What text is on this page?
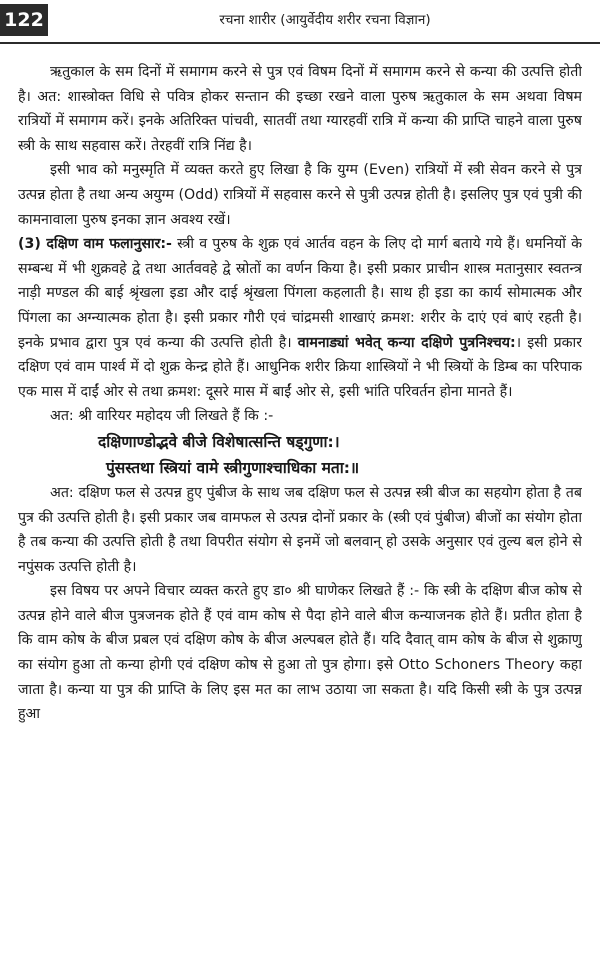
122	रचना शारीर (आयुर्वेदीय शरीर रचना विज्ञान)

ऋतुकाल के सम दिनों में समागम करने से पुत्र एवं विषम दिनों में समागम करने से कन्या की उत्पत्ति होती है। अत: शास्त्रोक्त विधि से पवित्र होकर सन्तान की इच्छा रखने वाला पुरुष ऋतुकाल के सम अथवा विषम रात्रियों में समागम करें। इनके अतिरिक्त पांचवी, सातवीं तथा ग्यारहवीं रात्रि में कन्या की प्राप्ति चाहने वाला पुरुष स्त्री के साथ सहवास करें। तेरहवीं रात्रि निंद्य है।

इसी भाव को मनुस्मृति में व्यक्त करते हुए लिखा है कि युग्म (Even) रात्रियों में स्त्री सेवन करने से पुत्र उत्पन्न होता है तथा अन्य अयुग्म (Odd) रात्रियों में सहवास करने से पुत्री उत्पन्न होती है। इसलिए पुत्र एवं पुत्री की कामनावाला पुरुष इनका ज्ञान अवश्य रखें।

(3) दक्षिण वाम फलानुसार:- स्त्री व पुरुष के शुक्र एवं आर्तव वहन के लिए दो मार्ग बताये गये हैं। धमनियों के सम्बन्ध में भी शुक्रवहे द्वे तथा आर्तववहे द्वे स्रोतों का वर्णन किया है। इसी प्रकार प्राचीन शास्त्र मतानुसार स्वतन्त्र नाड़ी मण्डल की बाई श्रृंखला इडा और दाई श्रृंखला पिंगला कहलाती है। साथ ही इडा का कार्य सोमात्मक और पिंगला का अग्न्यात्मक होता है। इसी प्रकार गौरी एवं चांद्रमसी शाखाएं क्रमश: शरीर के दाएं एवं बाएं रहती है। इनके प्रभाव द्वारा पुत्र एवं कन्या की उत्पत्ति होती है। वामनाड्यां भवेत् कन्या दक्षिणे पुत्रनिश्चय:। इसी प्रकार दक्षिण एवं वाम पार्श्व में दो शुक्र केन्द्र होते हैं। आधुनिक शरीर क्रिया शास्त्रियों ने भी स्त्रियों के डिम्ब का परिपाक एक मास में दाईं ओर से तथा क्रमश: दूसरे मास में बाईं ओर से, इसी भांति परिवर्तन होना मानते हैं।

अत: श्री वारियर महोदय जी लिखते हैं कि :-

दक्षिणाण्डोद्भवे बीजे विशेषात्सन्ति षड्गुणा:।

पुंसस्तथा स्त्रियां वामे स्त्रीगुणाश्चाधिका मता:॥

अत: दक्षिण फल से उत्पन्न हुए पुंबीज के साथ जब दक्षिण फल से उत्पन्न स्त्री बीज का सहयोग होता है तब पुत्र की उत्पत्ति होती है। इसी प्रकार जब वामफल से उत्पन्न दोनों प्रकार के (स्त्री एवं पुंबीज) बीजों का संयोग होता है तब कन्या की उत्पत्ति होती है तथा विपरीत संयोग से इनमें जो बलवान् हो उसके अनुसार एवं तुल्य बल होने से नपुंसक उत्पत्ति होती है।

इस विषय पर अपने विचार व्यक्त करते हुए डा० श्री घाणेकर लिखते हैं :- कि स्त्री के दक्षिण बीज कोष से उत्पन्न होने वाले बीज पुत्रजनक होते हैं एवं वाम कोष से पैदा होने वाले बीज कन्याजनक होते हैं। प्रतीत होता है कि वाम कोष के बीज प्रबल एवं दक्षिण कोष के बीज अल्पबल होते हैं। यदि दैवात् वाम कोष के बीज से शुक्राणु का संयोग हुआ तो कन्या होगी एवं दक्षिण कोष से हुआ तो पुत्र होगा। इसे Otto Schoners Theory कहा जाता है। कन्या या पुत्र की प्राप्ति के लिए इस मत का लाभ उठाया जा सकता है। यदि किसी स्त्री के पुत्र उत्पन्न हुआ
